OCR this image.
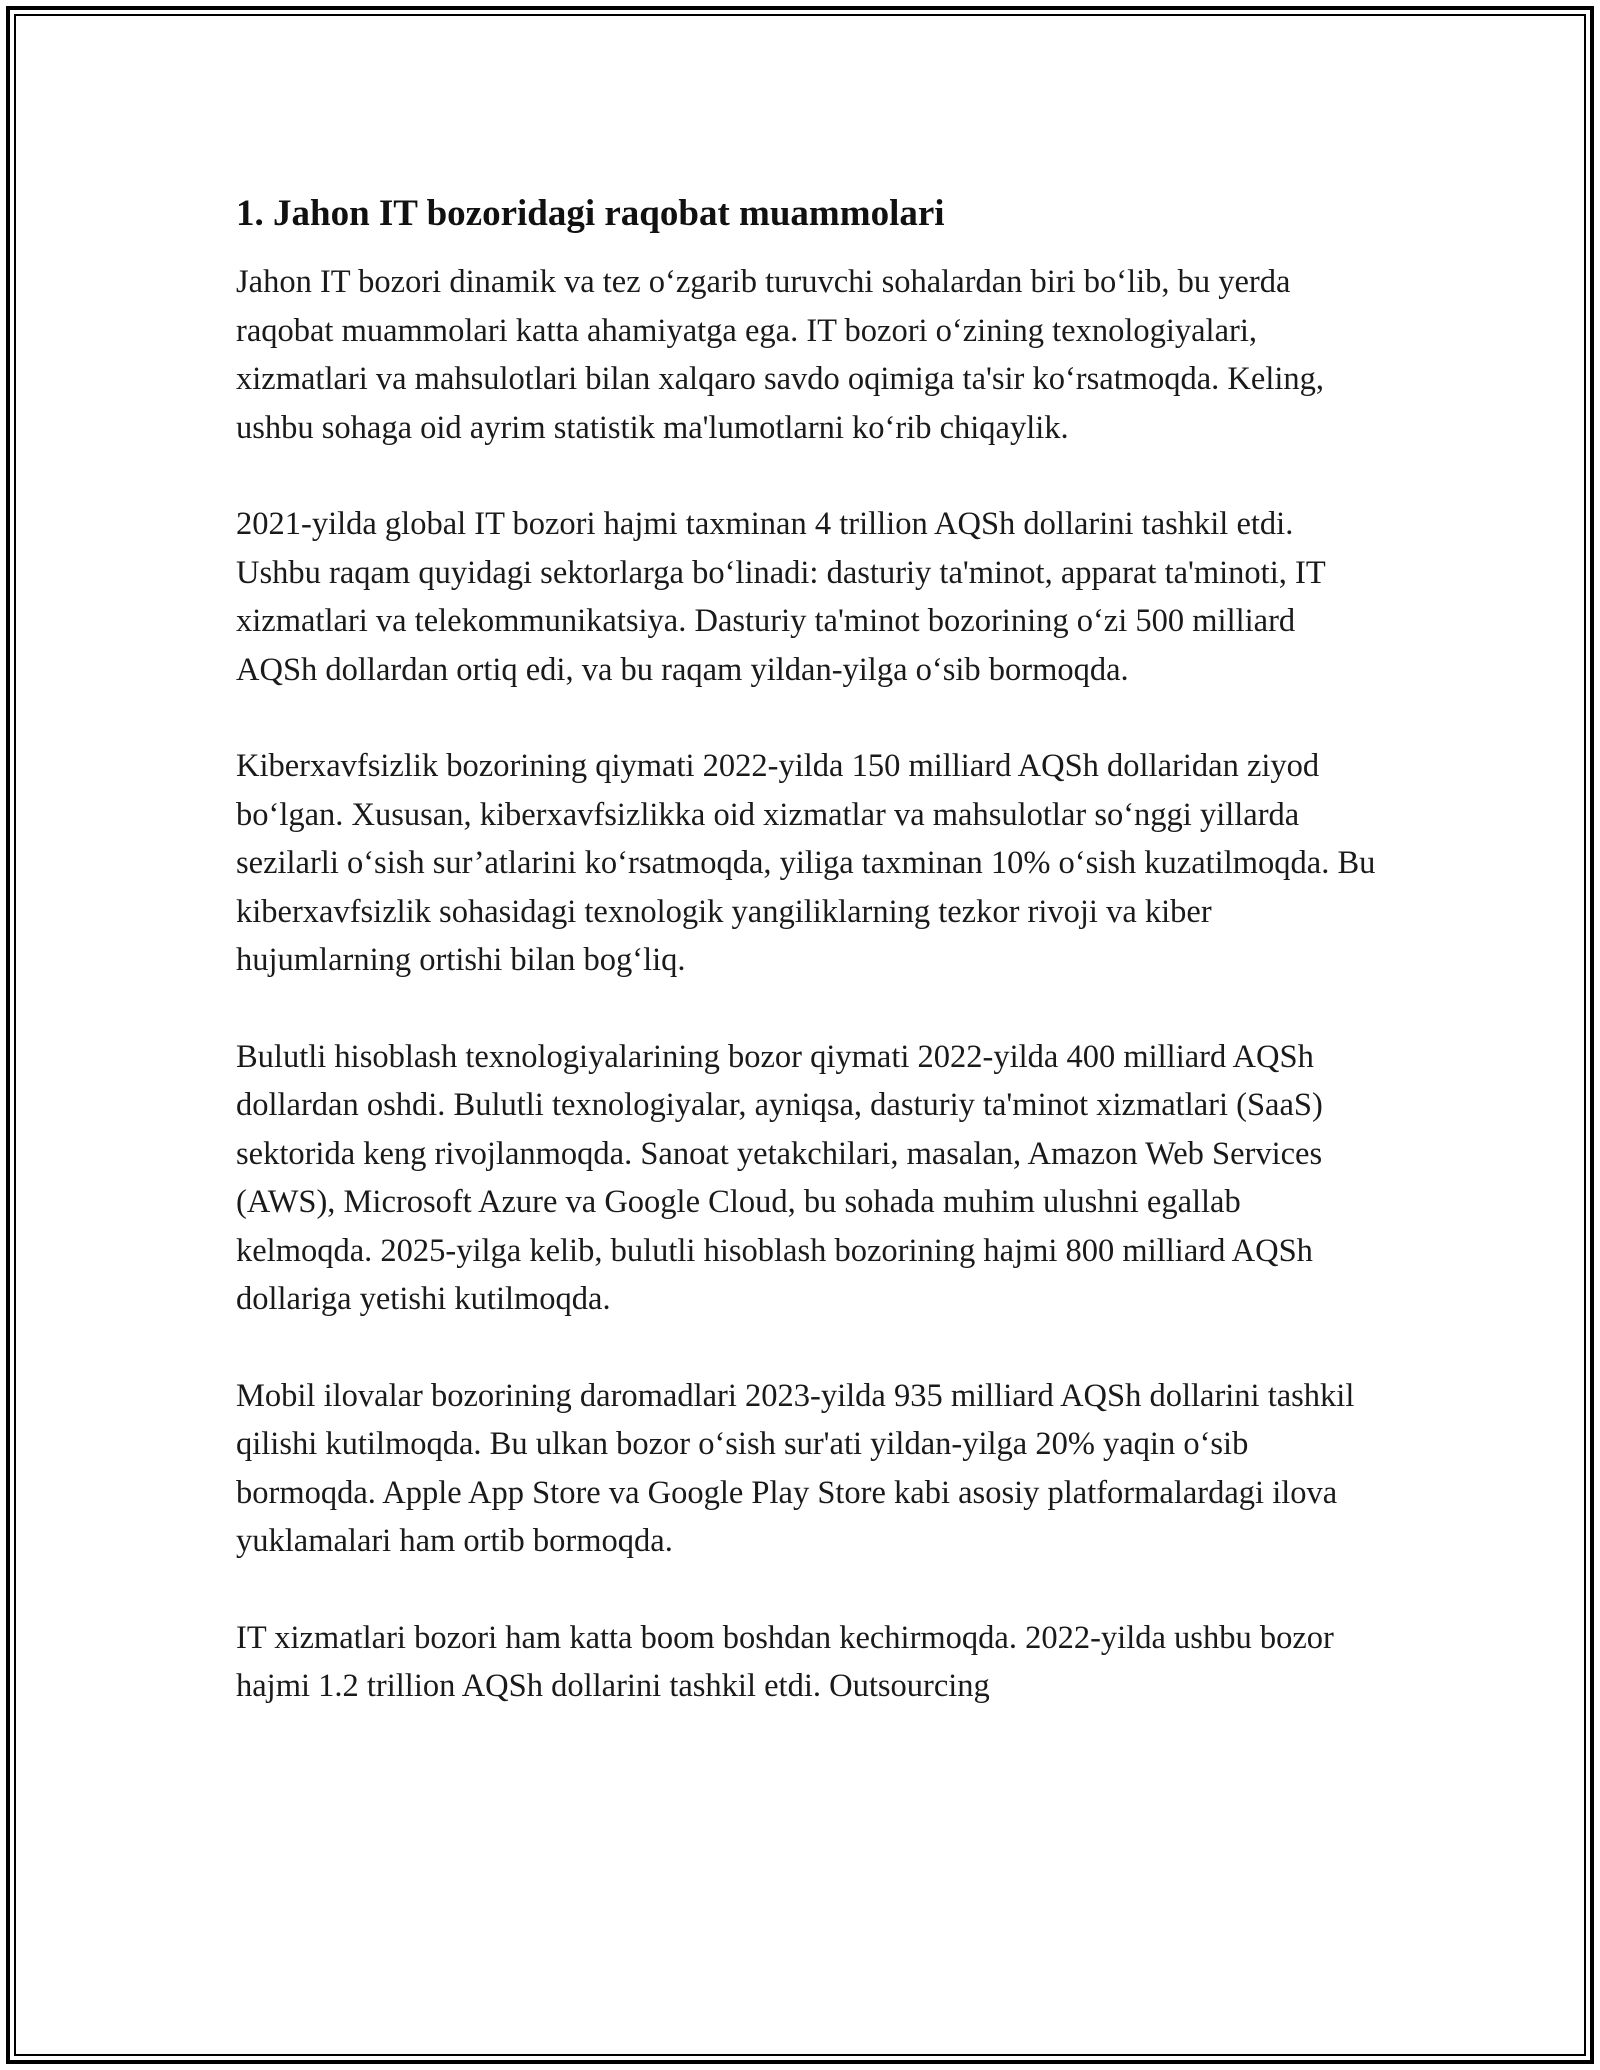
1. Jahon IT bozoridagi raqobat muammolari

Jahon IT bozori dinamik va tez o‘zgarib turuvchi sohalardan biri bo‘lib, bu yerda raqobat muammolari katta ahamiyatga ega. IT bozori o‘zining texnologiyalari, xizmatlari va mahsulotlari bilan xalqaro savdo oqimiga ta'sir ko‘rsatmoqda. Keling, ushbu sohaga oid ayrim statistik ma'lumotlarni ko‘rib chiqaylik.

2021-yilda global IT bozori hajmi taxminan 4 trillion AQSh dollarini tashkil etdi. Ushbu raqam quyidagi sektorlarga bo‘linadi: dasturiy ta'minot, apparat ta'minoti, IT xizmatlari va telekommunikatsiya. Dasturiy ta'minot bozorining o‘zi 500 milliard AQSh dollardan ortiq edi, va bu raqam yildan-yilga o‘sib bormoqda.

Kiberxavfsizlik bozorining qiymati 2022-yilda 150 milliard AQSh dollaridan ziyod bo‘lgan. Xususan, kiberxavfsizlikka oid xizmatlar va mahsulotlar so‘nggi yillarda sezilarli o‘sish sur’atlarini ko‘rsatmoqda, yiliga taxminan 10% o‘sish kuzatilmoqda. Bu kiberxavfsizlik sohasidagi texnologik yangiliklarning tezkor rivoji va kiber hujumlarning ortishi bilan bog‘liq.

Bulutli hisoblash texnologiyalarining bozor qiymati 2022-yilda 400 milliard AQSh dollardan oshdi. Bulutli texnologiyalar, ayniqsa, dasturiy ta'minot xizmatlari (SaaS) sektorida keng rivojlanmoqda. Sanoat yetakchilari, masalan, Amazon Web Services (AWS), Microsoft Azure va Google Cloud, bu sohada muhim ulushni egallab kelmoqda. 2025-yilga kelib, bulutli hisoblash bozorining hajmi 800 milliard AQSh dollariga yetishi kutilmoqda.

Mobil ilovalar bozorining daromadlari 2023-yilda 935 milliard AQSh dollarini tashkil qilishi kutilmoqda. Bu ulkan bozor o‘sish sur'ati yildan-yilga 20% yaqin o‘sib bormoqda. Apple App Store va Google Play Store kabi asosiy platformalardagi ilova yuklamalari ham ortib bormoqda.

IT xizmatlari bozori ham katta boom boshdan kechirmoqda. 2022-yilda ushbu bozor hajmi 1.2 trillion AQSh dollarini tashkil etdi. Outsourcing
